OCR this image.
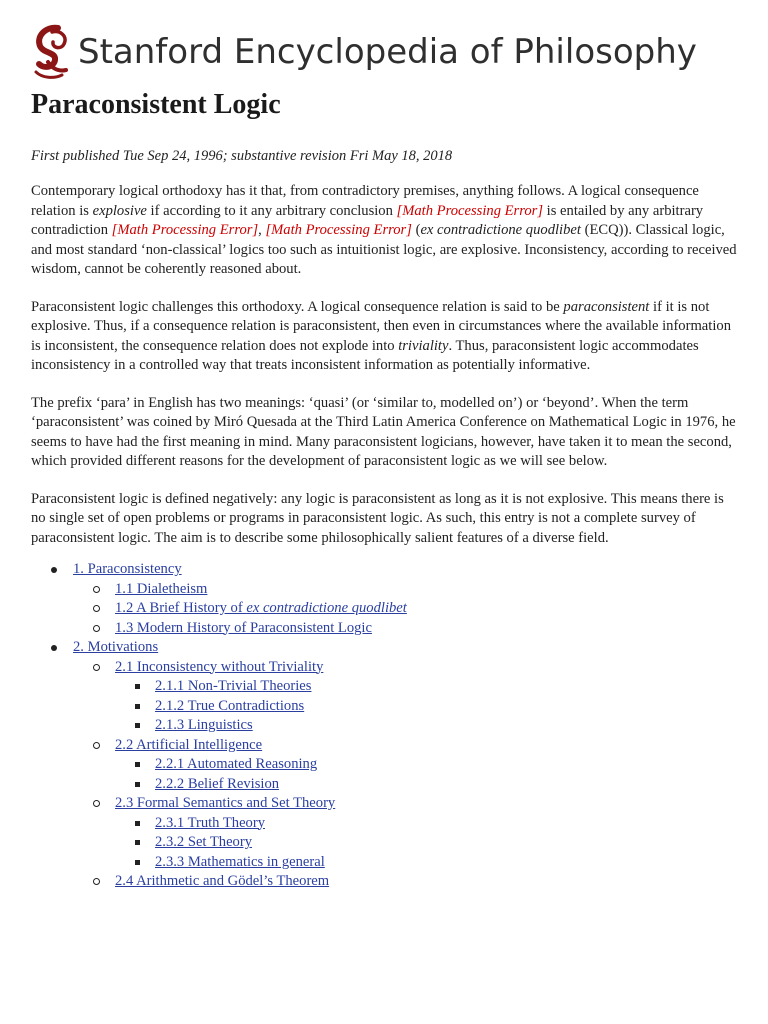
Stanford Encyclopedia of Philosophy
Paraconsistent Logic

First published Tue Sep 24, 1996; substantive revision Fri May 18, 2018

Contemporary logical orthodoxy has it that, from contradictory premises, anything follows. A logical consequence relation is explosive if according to it any arbitrary conclusion [Math Processing Error] is entailed by any arbitrary contradiction [Math Processing Error], [Math Processing Error] (ex contradictione quodlibet (ECQ)). Classical logic, and most standard ‘non-classical’ logics too such as intuitionist logic, are explosive. Inconsistency, according to received wisdom, cannot be coherently reasoned about.

Paraconsistent logic challenges this orthodoxy. A logical consequence relation is said to be paraconsistent if it is not explosive. Thus, if a consequence relation is paraconsistent, then even in circumstances where the available information is inconsistent, the consequence relation does not explode into triviality. Thus, paraconsistent logic accommodates inconsistency in a controlled way that treats inconsistent information as potentially informative.

The prefix ‘para’ in English has two meanings: ‘quasi’ (or ‘similar to, modelled on’) or ‘beyond’. When the term ‘paraconsistent’ was coined by Miró Quesada at the Third Latin America Conference on Mathematical Logic in 1976, he seems to have had the first meaning in mind. Many paraconsistent logicians, however, have taken it to mean the second, which provided different reasons for the development of paraconsistent logic as we will see below.

Paraconsistent logic is defined negatively: any logic is paraconsistent as long as it is not explosive. This means there is no single set of open problems or programs in paraconsistent logic. As such, this entry is not a complete survey of paraconsistent logic. The aim is to describe some philosophically salient features of a diverse field.

1. Paraconsistency
1.1 Dialetheism
1.2 A Brief History of ex contradictione quodlibet
1.3 Modern History of Paraconsistent Logic
2. Motivations
2.1 Inconsistency without Triviality
2.1.1 Non-Trivial Theories
2.1.2 True Contradictions
2.1.3 Linguistics
2.2 Artificial Intelligence
2.2.1 Automated Reasoning
2.2.2 Belief Revision
2.3 Formal Semantics and Set Theory
2.3.1 Truth Theory
2.3.2 Set Theory
2.3.3 Mathematics in general
2.4 Arithmetic and Gödel’s Theorem
